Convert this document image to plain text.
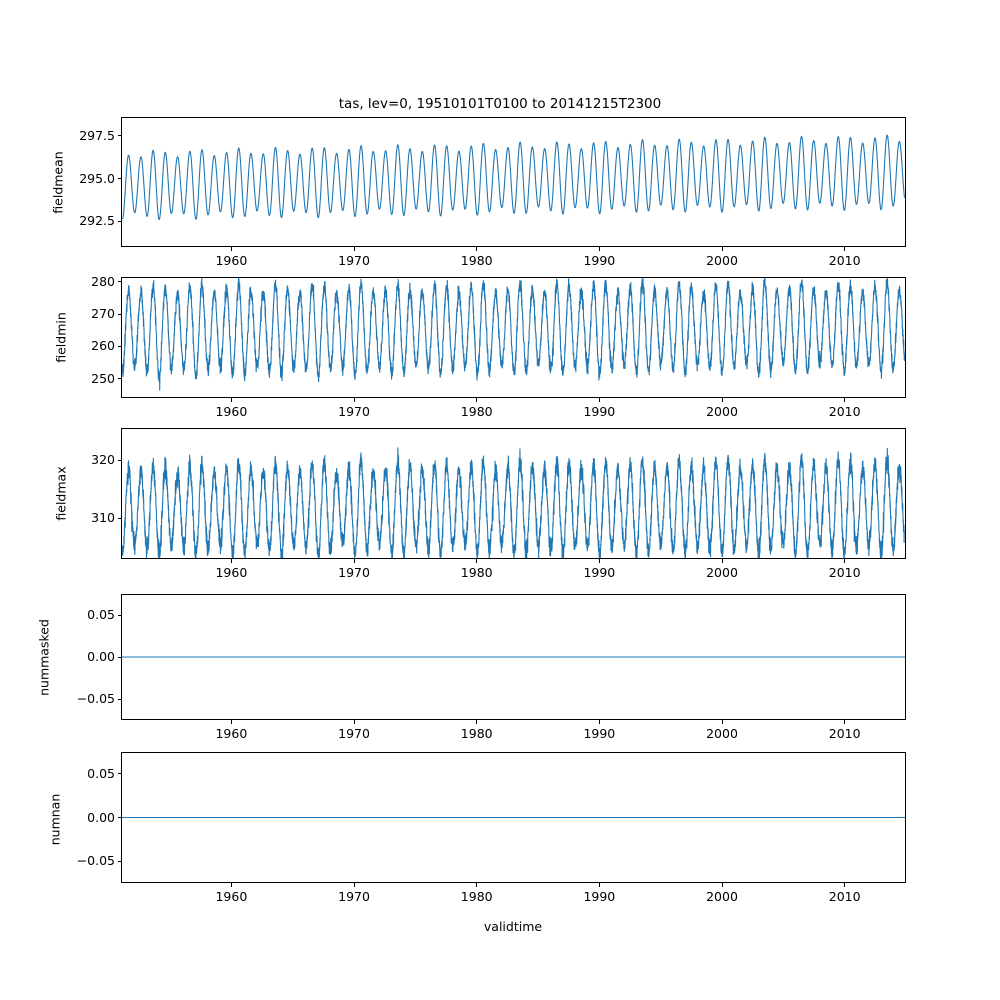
tas, lev=0, 19510101T0100 to 20141215T2300
fieldmean
fieldmin
fieldmax
nummasked
numnan
validtime
292.5
295.0
297.5
1960	1970	1980	1990	2000	2010
250
260
270
280
1960	1970	1980	1990	2000	2010
310
320
1960	1970	1980	1990	2000	2010
−0.05
0.00
0.05
1960	1970	1980	1990	2000	2010
−0.05
0.00
0.05
1960	1970	1980	1990	2000	2010
